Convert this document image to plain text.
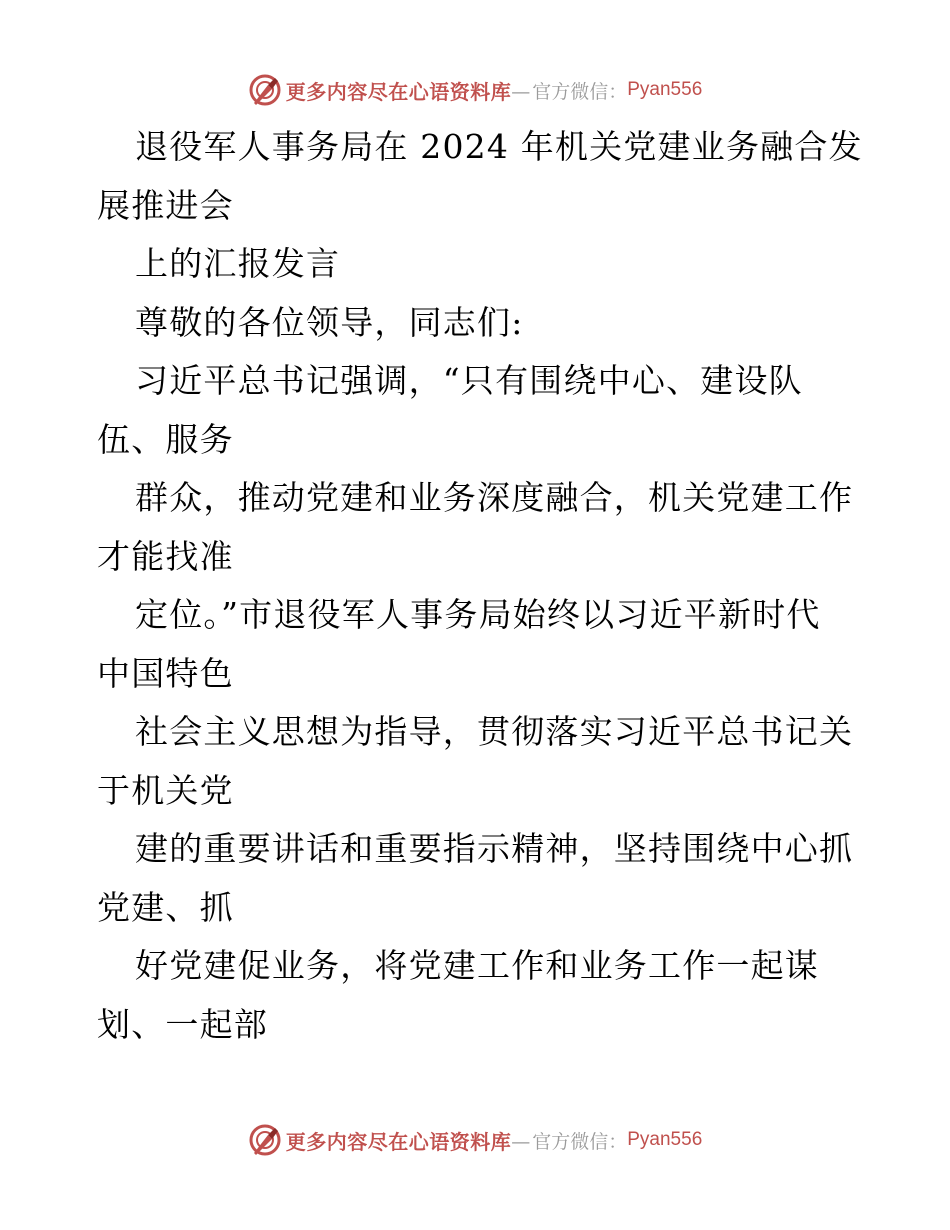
更多内容尽在心语资料库 — 官方微信： Pyan556
退役军人事务局在 2024 年机关党建业务融合发
展推进会
上的汇报发言
尊敬的各位领导，同志们:
习近平总书记强调，“只有围绕中心、建设队
伍、服务
群众，推动党建和业务深度融合，机关党建工作
才能找准
定位。”市退役军人事务局始终以习近平新时代
中国特色
社会主义思想为指导，贯彻落实习近平总书记关
于机关党
建的重要讲话和重要指示精神，坚持围绕中心抓
党建、抓
好党建促业务，将党建工作和业务工作一起谋
划、一起部
更多内容尽在心语资料库 — 官方微信： Pyan556
